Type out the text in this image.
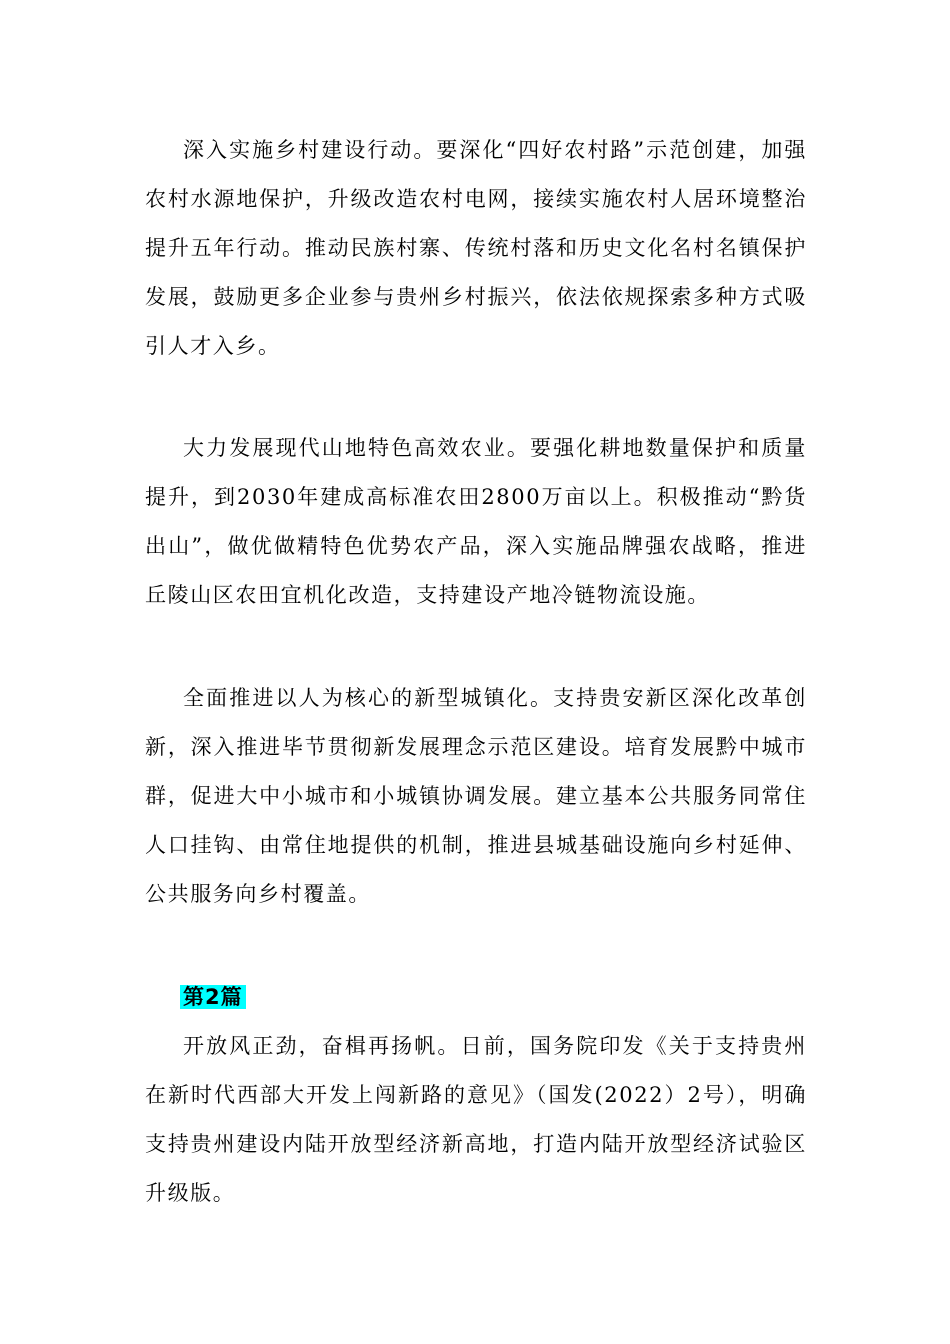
深入实施乡村建设行动。要深化“四好农村路”示范创建，加强农村水源地保护，升级改造农村电网，接续实施农村人居环境整治提升五年行动。推动民族村寨、传统村落和历史文化名村名镇保护发展，鼓励更多企业参与贵州乡村振兴，依法依规探索多种方式吸引人才入乡。

大力发展现代山地特色高效农业。要强化耕地数量保护和质量提升，到2030年建成高标准农田2800万亩以上。积极推动“黔货出山”，做优做精特色优势农产品，深入实施品牌强农战略，推进丘陵山区农田宜机化改造，支持建设产地冷链物流设施。

全面推进以人为核心的新型城镇化。支持贵安新区深化改革创新，深入推进毕节贯彻新发展理念示范区建设。培育发展黔中城市群，促进大中小城市和小城镇协调发展。建立基本公共服务同常住人口挂钩、由常住地提供的机制，推进县城基础设施向乡村延伸、公共服务向乡村覆盖。

第2篇

开放风正劲，奋楫再扬帆。日前，国务院印发《关于支持贵州在新时代西部大开发上闯新路的意见》（国发(2022）2号），明确支持贵州建设内陆开放型经济新高地，打造内陆开放型经济试验区升级版。
